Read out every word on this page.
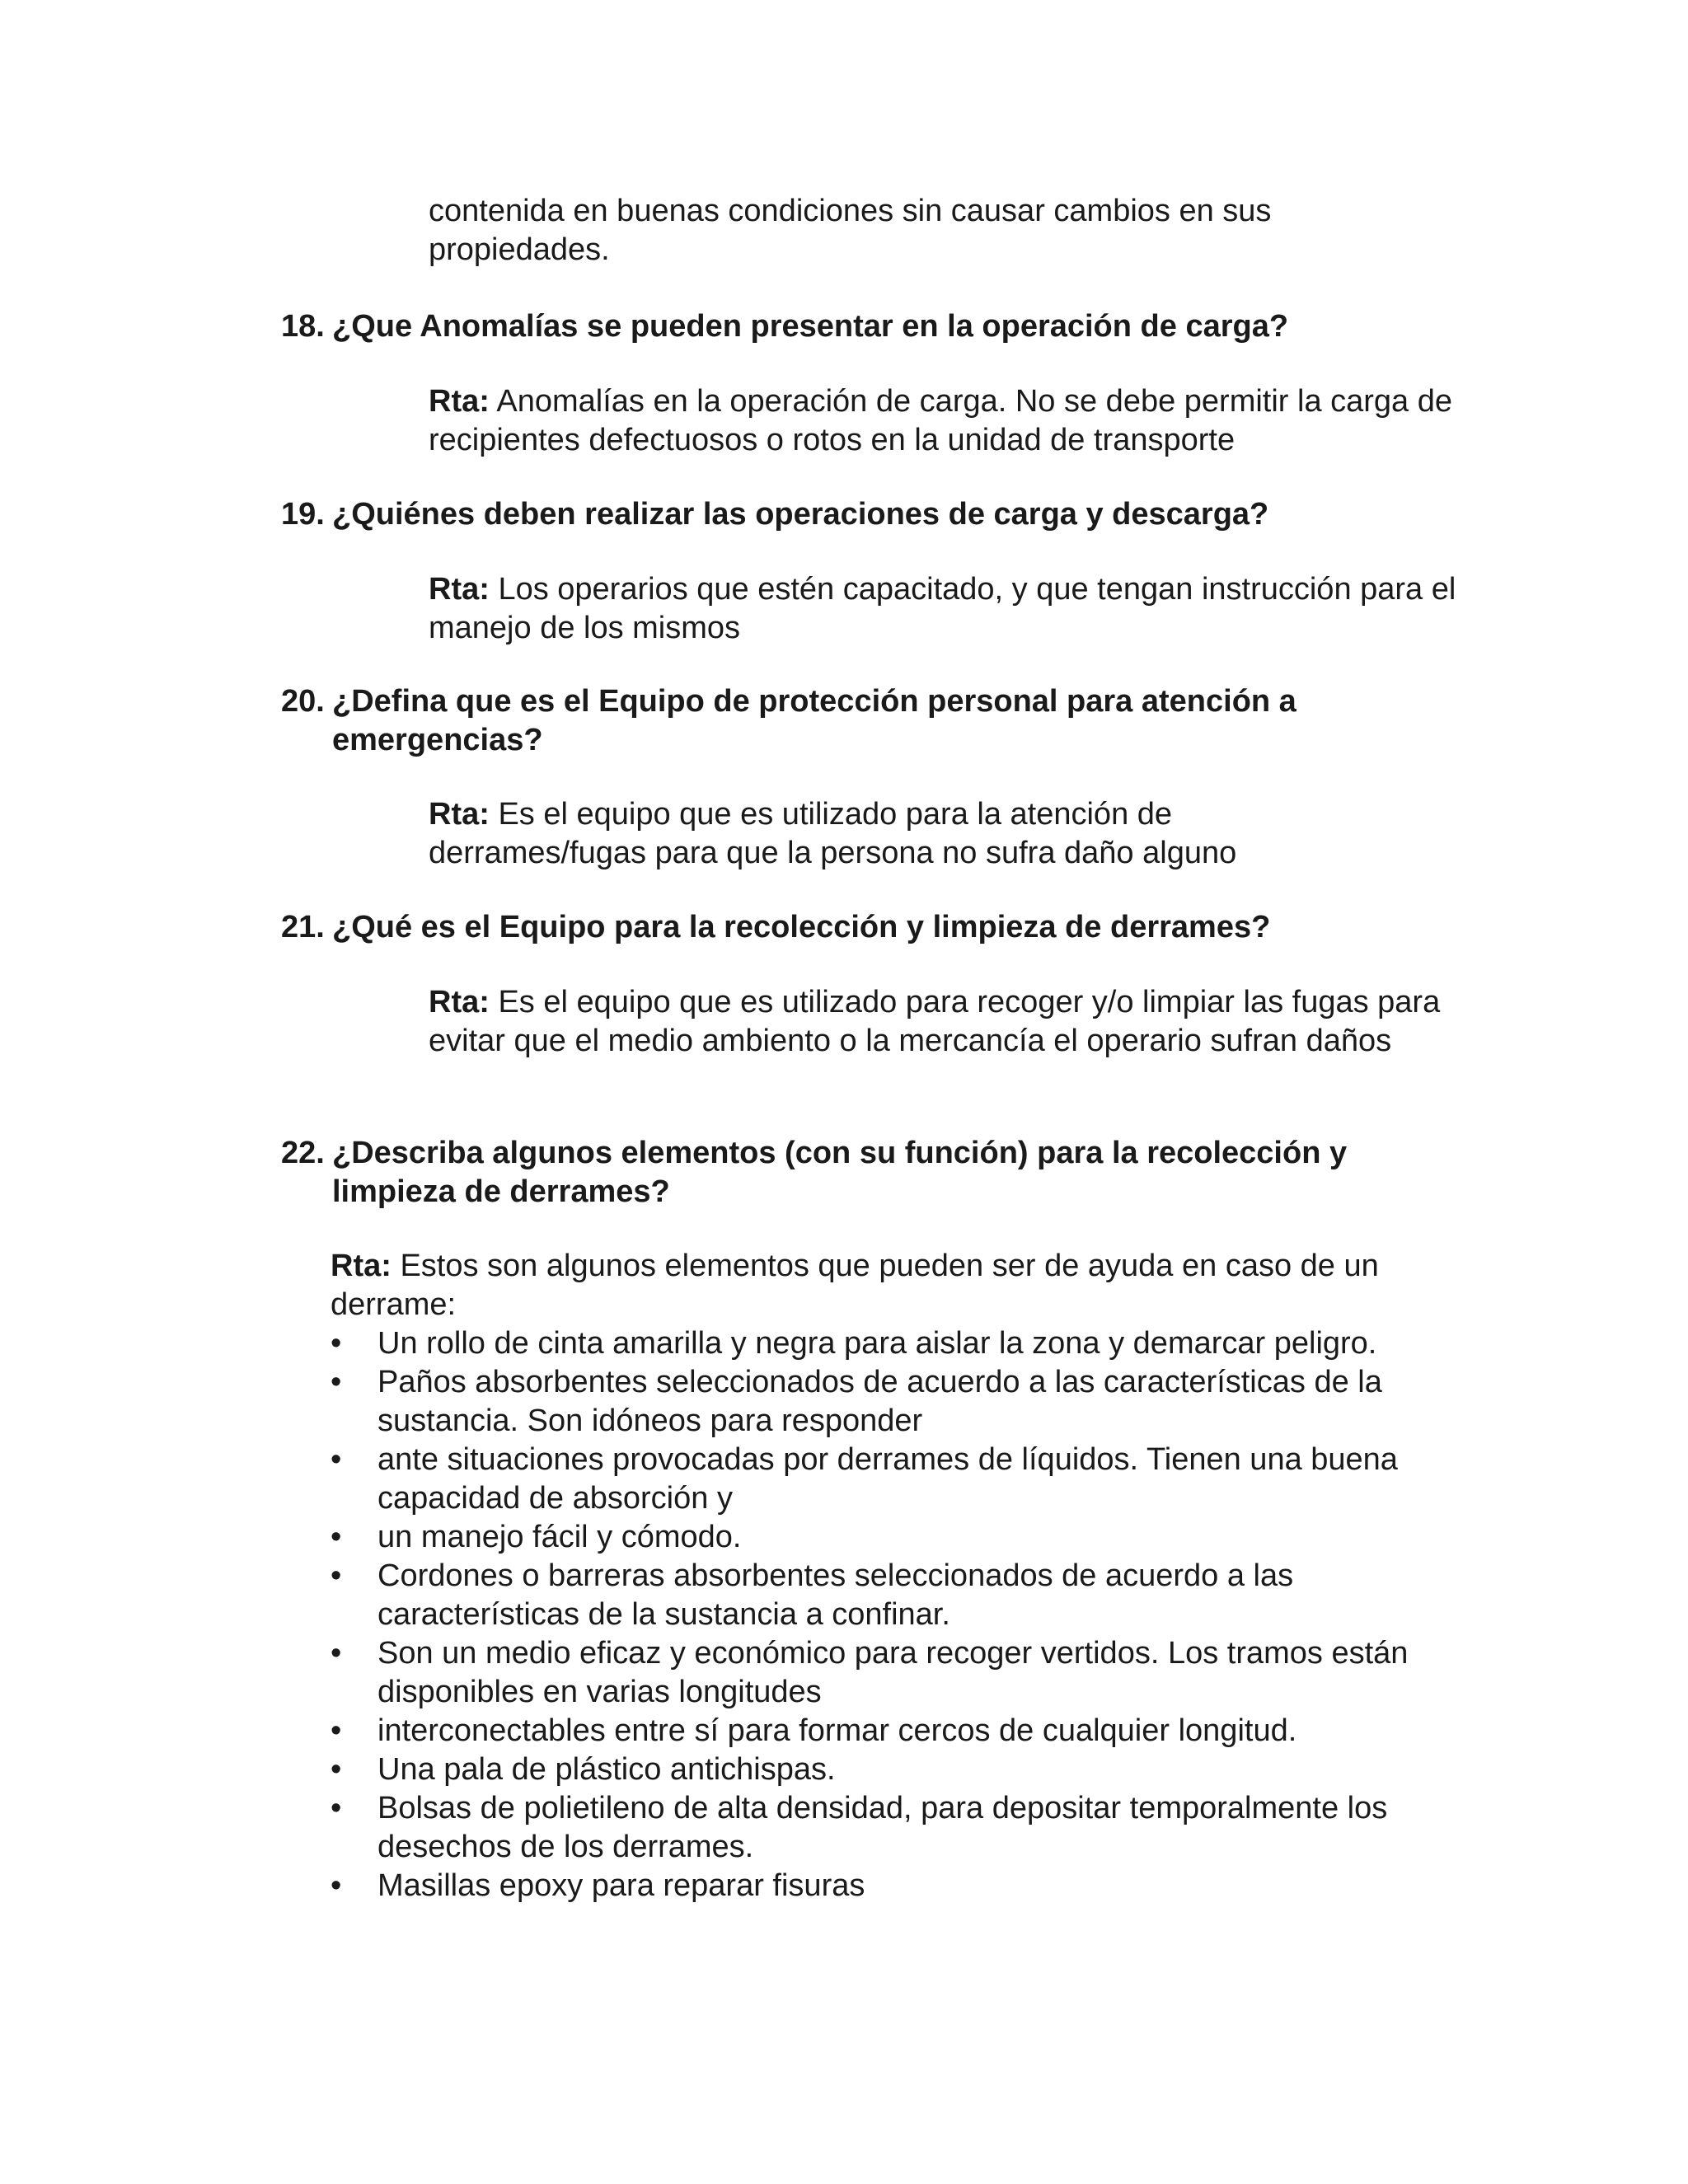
contenida en buenas condiciones sin causar cambios en sus propiedades.

18. ¿Que Anomalías se pueden presentar en la operación de carga?

Rta: Anomalías en la operación de carga. No se debe permitir la carga de recipientes defectuosos o rotos en la unidad de transporte

19. ¿Quiénes deben realizar las operaciones de carga y descarga?

Rta: Los operarios que estén capacitado, y que tengan instrucción para el manejo de los mismos

20. ¿Defina que es el Equipo de protección personal para atención a emergencias?

Rta: Es el equipo que es utilizado para la atención de derrames/fugas para que la persona no sufra daño alguno

21. ¿Qué es el Equipo para la recolección y limpieza de derrames?

Rta: Es el equipo que es utilizado para recoger y/o limpiar las fugas para evitar que el medio ambiento o la mercancía el operario sufran daños

22. ¿Describa algunos elementos (con su función) para la recolección y limpieza de derrames?

Rta: Estos son algunos elementos que pueden ser de ayuda en caso de un derrame:

• Un rollo de cinta amarilla y negra para aislar la zona y demarcar peligro.
• Paños absorbentes seleccionados de acuerdo a las características de la sustancia. Son idóneos para responder
• ante situaciones provocadas por derrames de líquidos. Tienen una buena capacidad de absorción y
• un manejo fácil y cómodo.
• Cordones o barreras absorbentes seleccionados de acuerdo a las características de la sustancia a confinar.
• Son un medio eficaz y económico para recoger vertidos. Los tramos están disponibles en varias longitudes
• interconectables entre sí para formar cercos de cualquier longitud.
• Una pala de plástico antichispas.
• Bolsas de polietileno de alta densidad, para depositar temporalmente los desechos de los derrames.
• Masillas epoxy para reparar fisuras
